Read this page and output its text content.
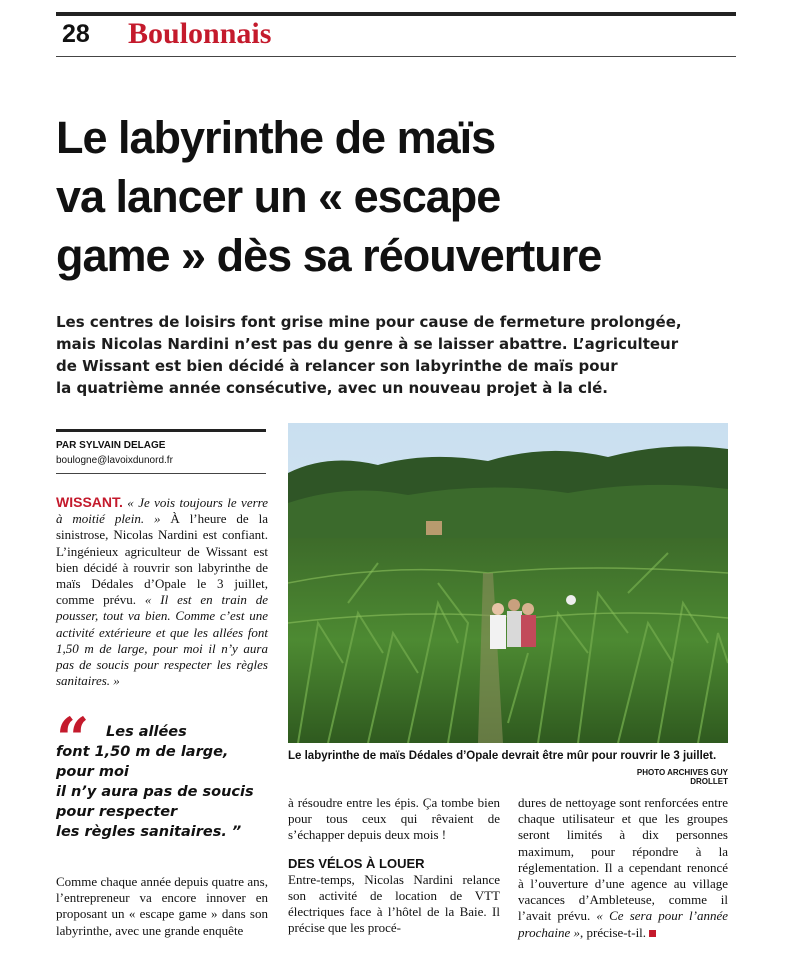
28 Boulonnais
Le labyrinthe de maïs
va lancer un « escape
game » dès sa réouverture
Les centres de loisirs font grise mine pour cause de fermeture prolongée,
mais Nicolas Nardini n’est pas du genre à se laisser abattre. L’agriculteur
de Wissant est bien décidé à relancer son labyrinthe de maïs pour
la quatrième année consécutive, avec un nouveau projet à la clé.
PAR SYLVAIN DELAGE
boulogne@lavoixdunord.fr
WISSANT. « Je vois toujours le verre à moitié plein. » À l’heure de la sinistrose, Nicolas Nardini est confiant. L’ingénieux agriculteur de Wissant est bien décidé à rouvrir son labyrinthe de maïs Dédales d’Opale le 3 juillet, comme prévu. « Il est en train de pousser, tout va bien. Comme c’est une activité extérieure et que les allées font 1,50 m de large, pour moi il n’y aura pas de soucis pour respecter les règles sanitaires. »
“	Les allées
font 1,50 m de large,
pour moi
il n’y aura pas de soucis
pour respecter
les règles sanitaires. ”
Comme chaque année depuis quatre ans, l’entrepreneur va encore innover en proposant un « escape game » dans son labyrinthe, avec une grande enquête
Le labyrinthe de maïs Dédales d’Opale devrait être mûr pour rouvrir le 3 juillet.
PHOTO ARCHIVES GUY DROLLET
à résoudre entre les épis. Ça tombe bien pour tous ceux qui rêvaient de s’échapper depuis deux mois !
DES VÉLOS À LOUER
Entre-temps, Nicolas Nardini relance son activité de location de VTT électriques face à l’hôtel de la Baie. Il précise que les procé-
dures de nettoyage sont renforcées entre chaque utilisateur et que les groupes seront limités à dix personnes maximum, pour répondre à la réglementation. Il a cependant renoncé à l’ouverture d’une agence au village vacances d’Ambleteuse, comme il l’avait prévu. « Ce sera pour l’année prochaine », précise-t-il.
